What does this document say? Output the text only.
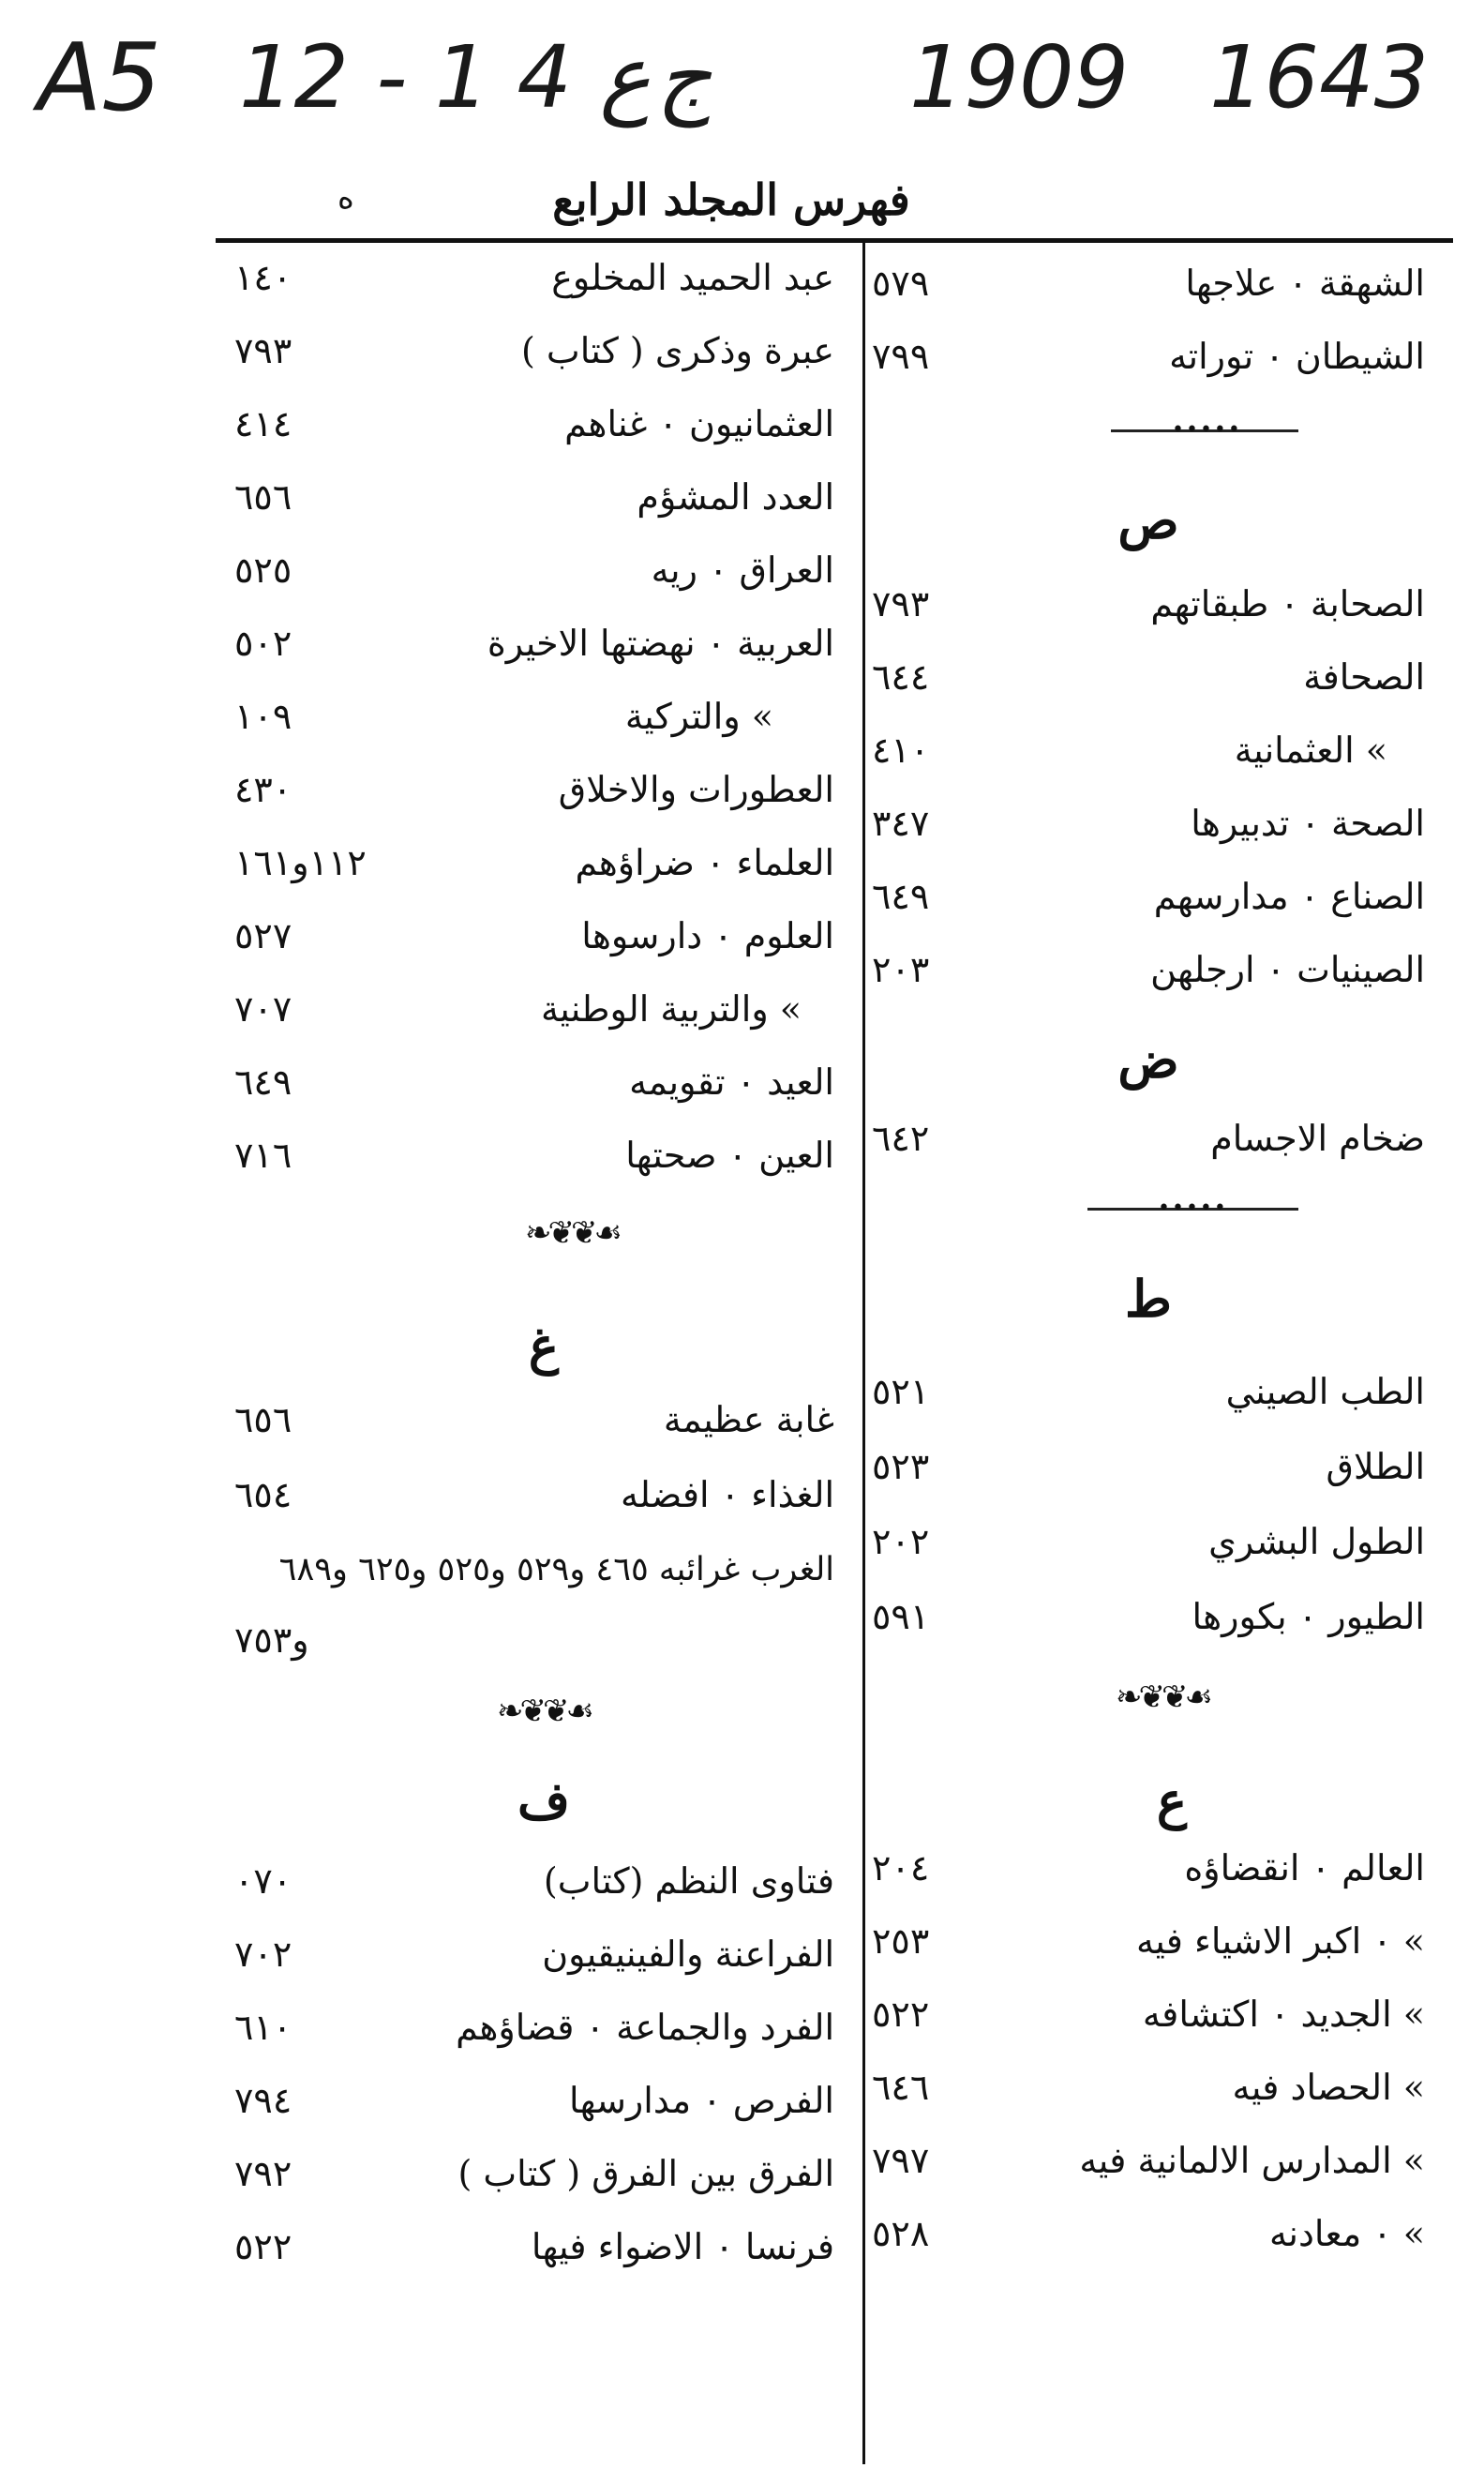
A5 12 - 1 ع 4 ج 1909 1643
فهرس المجلد الرابع
ه
الشهقة ٠ علاجها
٥٧٩
الشيطان ٠ توراته
٧٩٩
•••••
ص
الصحابة ٠ طبقاتهم
٧٩٣
الصحافة
٦٤٤
» العثمانية
٤١٠
الصحة ٠ تدبيرها
٣٤٧
الصناع ٠ مدارسهم
٦٤٩
الصينيات ٠ ارجلهن
٢٠٣
ض
ضخام الاجسام
٦٤٢
•••••
ط
الطب الصيني
٥٢١
الطلاق
٥٢٣
الطول البشري
٢٠٢
الطيور ٠ بكورها
٥٩١
❧❦❦☙
ع
العالم ٠ انقضاؤه
٢٠٤
» ٠ اكبر الاشياء فيه
٢٥٣
» الجديد ٠ اكتشافه
٥٢٢
» الحصاد فيه
٦٤٦
» المدارس الالمانية فيه
٧٩٧
» ٠ معادنه
٥٢٨
عبد الحميد المخلوع
١٤٠
عبرة وذكرى ( كتاب )
٧٩٣
العثمانيون ٠ غناهم
٤١٤
العدد المشؤم
٦٥٦
العراق ٠ ريه
٥٢٥
العربية ٠ نهضتها الاخيرة
٥٠٢
» والتركية
١٠٩
العطورات والاخلاق
٤٣٠
العلماء ٠ ضراؤهم
١١٢و١٦١
العلوم ٠ دارسوها
٥٢٧
» والتربية الوطنية
٧٠٧
العيد ٠ تقويمه
٦٤٩
العين ٠ صحتها
٧١٦
❧❦❦☙
غ
غابة عظيمة
٦٥٦
الغذاء ٠ افضله
٦٥٤
الغرب غرائبه ٤٦٥ و٥٢٩ و٥٢٥ و٦٢٥ و٦٨٩
و٧٥٣
❧❦❦☙
ف
فتاوى النظم (كتاب)
٠٧٠
الفراعنة والفينيقيون
٧٠٢
الفرد والجماعة ٠ قضاؤهم
٦١٠
الفرص ٠ مدارسها
٧٩٤
الفرق بين الفرق ( كتاب )
٧٩٢
فرنسا ٠ الاضواء فيها
٥٢٢
